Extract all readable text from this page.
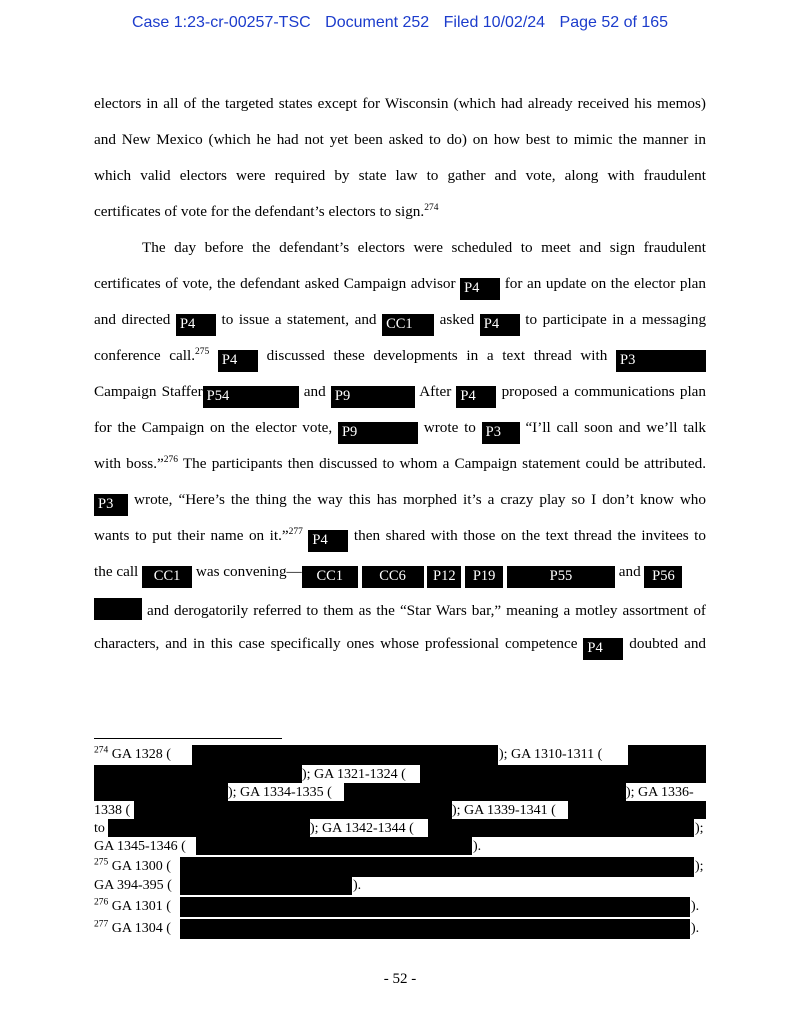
Case 1:23-cr-00257-TSC Document 252 Filed 10/02/24 Page 52 of 165
electors in all of the targeted states except for Wisconsin (which had already received his memos)
and New Mexico (which he had not yet been asked to do) on how best to mimic the manner in
which valid electors were required by state law to gather and vote, along with fraudulent
certificates of vote for the defendant’s electors to sign.$^{274}$
The day before the defendant’s electors were scheduled to meet and sign fraudulent
certificates of vote, the defendant asked Campaign advisor P4 for an update on the elector plan
and directed P4 to issue a statement, and CC1 asked P4 to participate in a messaging
conference call.$^{275}$ P4 discussed these developments in a text thread with P3
Campaign Staffer P54	and P9	After P4 proposed a communications plan
for the Campaign on the elector vote, P9	wrote to P3 “I’ll call soon and we’ll talk
with boss.”$^{276}$ The participants then discussed to whom a Campaign statement could be attributed.
P3 wrote, “Here’s the thing the way this has morphed it’s a crazy play so I don’t know who
wants to put their name on it.”$^{277}$ P4 then shared with those on the text thread the invitees to
the call CC1 was convening— CC1 CC6 P12 P19	P55	and P56
and derogatorily referred to them as the “Star Wars bar,” meaning a motley assortment of
characters, and in this case specifically ones whose professional competence P4 doubted and
$^{274}$ GA 1328 (	); GA 1310-1311 (
); GA 1321-1324 (
); GA 1334-1335 (	); GA 1336-
1338 (	); GA 1339-1341 (
to	); GA 1342-1344 (	);
GA 1345-1346 (	).
$^{275}$ GA 1300 (	);
GA 394-395 (	).
$^{276}$ GA 1301 (	).
$^{277}$ GA 1304 (	).
- 52 -
